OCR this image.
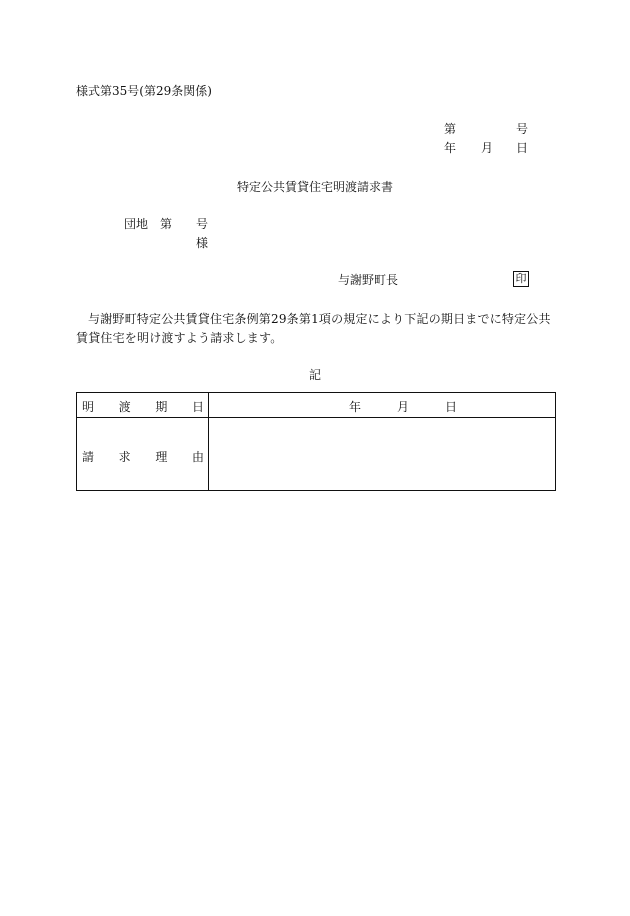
様式第35号(第29条関係)
第	号
年 月 日
特定公共賃貸住宅明渡請求書
団地 第 号
様
与謝野町長	印
与謝野町特定公共賃貸住宅条例第29条第1項の規定により下記の期日までに特定公共賃貸住宅を明け渡すよう請求します。
記
明 渡 期 日	年	月	日
請 求 理 由
